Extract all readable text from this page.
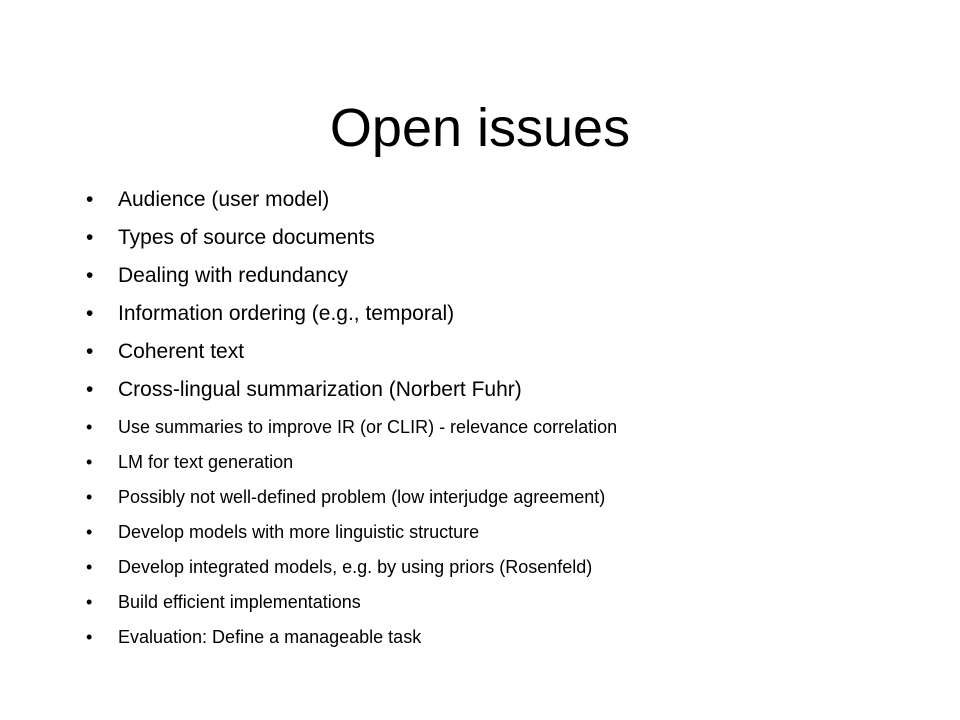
Open issues
• Audience (user model)
• Types of source documents
• Dealing with redundancy
• Information ordering (e.g., temporal)
• Coherent text
• Cross-lingual summarization (Norbert Fuhr)
• Use summaries to improve IR (or CLIR) - relevance correlation
• LM for text generation
• Possibly not well-defined problem (low interjudge agreement)
• Develop models with more linguistic structure
• Develop integrated models, e.g. by using priors (Rosenfeld)
• Build efficient implementations
• Evaluation: Define a manageable task
